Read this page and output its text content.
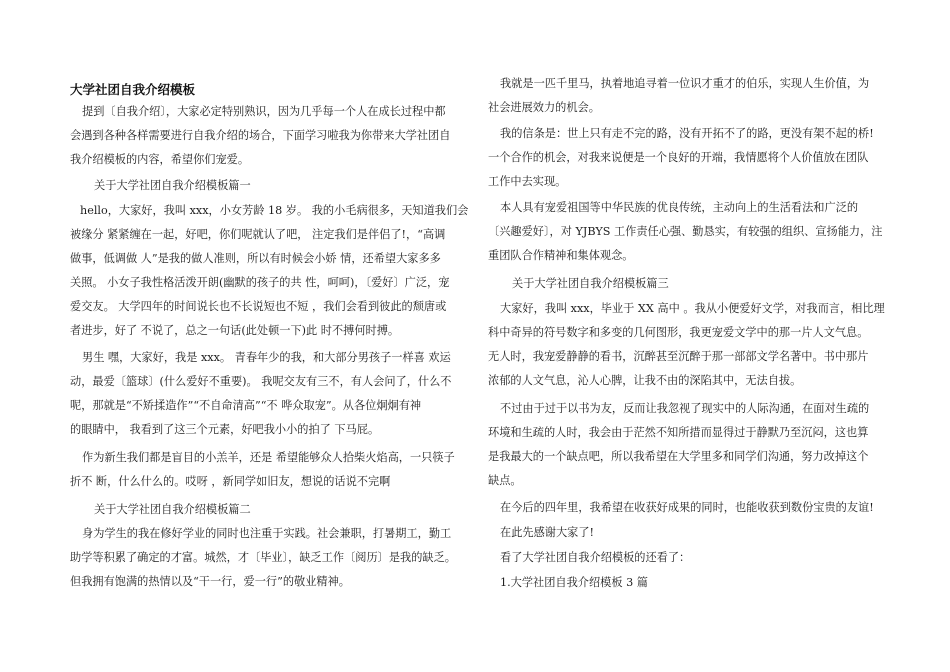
大学社团自我介绍模板
提到〔自我介绍〕，大家必定特别熟识，因为几乎每一个人在成长过程中都
会遇到各种各样需要进行自我介绍的场合，下面学习啦我为你带来大学社团自
我介绍模板的内容，希望你们宠爱。
关于大学社团自我介绍模板篇一
hello，大家好，我叫 xxx，小女芳龄 18 岁。 我的小毛病很多，天知道我们会
被缘分 紧紧缠在一起，好吧，你们呢就认了吧， 注定我们是伴侣了!，“高调
做事，低调做 人”是我的做人准则，所以有时候会小娇 情，还希望大家多多
关照。 小女子我性格活泼开朗(幽默的孩子的共 性，呵呵)，〔爱好〕广泛，宠
爱交友。 大学四年的时间说长也不长说短也不短 ，我们会看到彼此的颓唐或
者进步，好了 不说了，总之一句话(此处顿一下)此 时不搏何时搏。
男生 嘿，大家好，我是 xxx。 青春年少的我，和大部分男孩子一样喜 欢运
动，最爱〔篮球〕(什么爱好不重要)。 我呢交友有三不，有人会问了，什么不
呢，那就是“不矫揉造作”“不自命清高”“不 哗众取宠”。从各位炯炯有神
的眼睛中， 我看到了这三个元素，好吧我小小的拍了 下马屁。
作为新生我们都是盲目的小羔羊，还是 希望能够众人拾柴火焰高，一只筷子
折不 断，什么什么的。哎呀 ，新同学如旧友，想说的话说不完啊
关于大学社团自我介绍模板篇二
身为学生的我在修好学业的同时也注重于实践。社会兼职，打暑期工，勤工
助学等积累了确定的才富。城然，才〔毕业〕，缺乏工作〔阅历〕是我的缺乏。
但我拥有饱满的热情以及“干一行，爱一行”的敬业精神。
我就是一匹千里马，执着地追寻着一位识才重才的伯乐，实现人生价值，为
社会进展效力的机会。
我的信条是：世上只有走不完的路，没有开拓不了的路，更没有架不起的桥!
一个合作的机会，对我来说便是一个良好的开端，我情愿将个人价值放在团队
工作中去实现。
本人具有宠爱祖国等中华民族的优良传统，主动向上的生活看法和广泛的
〔兴趣爱好〕，对 YJBYS 工作责任心强、勤恳实，有较强的组织、宣扬能力，注
重团队合作精神和集体观念。
关于大学社团自我介绍模板篇三
大家好，我叫 xxx，毕业于 XX 高中 。我从小便爱好文学，对我而言，相比理
科中奇异的符号数字和多变的几何图形，我更宠爱文学中的那一片人文气息。
无人时，我宠爱静静的看书，沉醉甚至沉醉于那一部部文学名著中。书中那片
浓郁的人文气息，沁人心脾，让我不由的深陷其中，无法自拔。
不过由于过于以书为友，反而让我忽视了现实中的人际沟通，在面对生疏的
环境和生疏的人时，我会由于茫然不知所措而显得过于静默乃至沉闷，这也算
是我最大的一个缺点吧，所以我希望在大学里多和同学们沟通，努力改掉这个
缺点。
在今后的四年里，我希望在收获好成果的同时，也能收获到数份宝贵的友谊!
在此先感谢大家了!
看了大学社团自我介绍模板的还看了：
1.大学社团自我介绍模板 3 篇
